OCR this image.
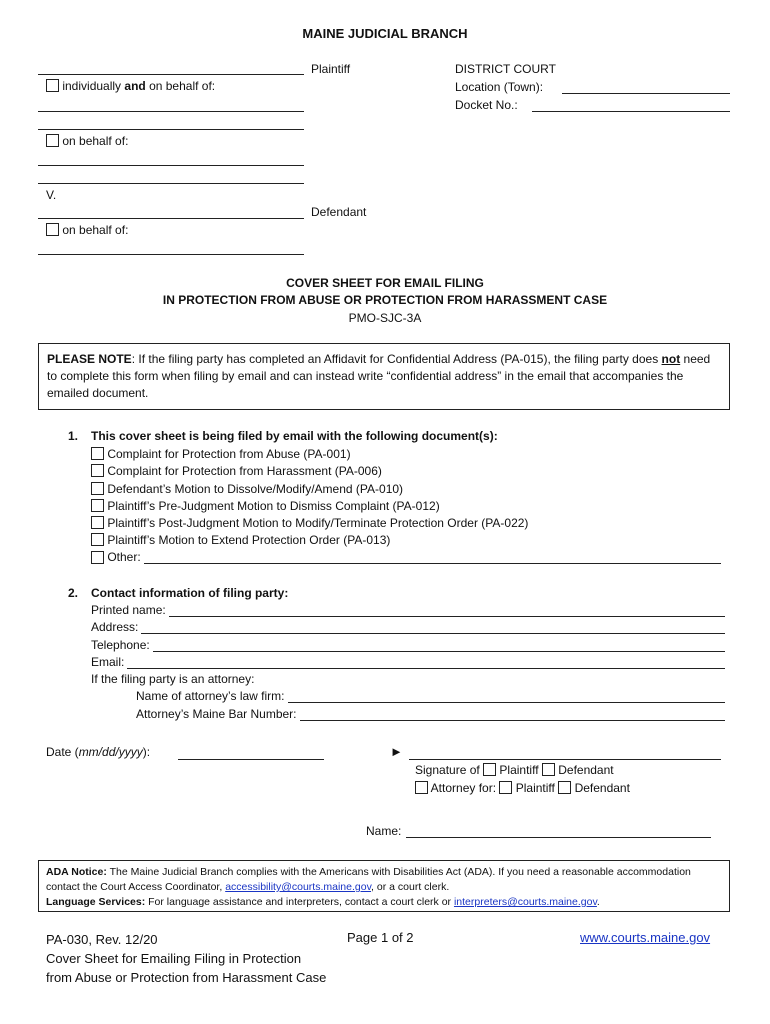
MAINE JUDICIAL BRANCH
Plaintiff
individually and on behalf of:
on behalf of:
V.
Defendant
on behalf of:
DISTRICT COURT
Location (Town):
Docket No.:
COVER SHEET FOR EMAIL FILING
IN PROTECTION FROM ABUSE OR PROTECTION FROM HARASSMENT CASE
PMO-SJC-3A
PLEASE NOTE: If the filing party has completed an Affidavit for Confidential Address (PA-015), the filing party does not need to complete this form when filing by email and can instead write “confidential address” in the email that accompanies the emailed document.
1. This cover sheet is being filed by email with the following document(s):
Complaint for Protection from Abuse (PA-001)
Complaint for Protection from Harassment (PA-006)
Defendant’s Motion to Dissolve/Modify/Amend (PA-010)
Plaintiff’s Pre-Judgment Motion to Dismiss Complaint (PA-012)
Plaintiff’s Post-Judgment Motion to Modify/Terminate Protection Order (PA-022)
Plaintiff’s Motion to Extend Protection Order (PA-013)

Other:
2. Contact information of filing party:
Printed name:
Address:
Telephone:
Email:
If the filing party is an attorney:
Name of attorney’s law firm:
Attorney’s Maine Bar Number:
Date (mm/dd/yyyy):	►
Signature of Plaintiff Defendant
Attorney for: Plaintiff Defendant
Name:
ADA Notice: The Maine Judicial Branch complies with the Americans with Disabilities Act (ADA). If you need a reasonable accommodation contact the Court Access Coordinator, accessibility@courts.maine.gov, or a court clerk.
Language Services: For language assistance and interpreters, contact a court clerk or interpreters@courts.maine.gov.
PA-030, Rev. 12/20
Cover Sheet for Emailing Filing in Protection
from Abuse or Protection from Harassment Case
Page 1 of 2	www.courts.maine.gov
